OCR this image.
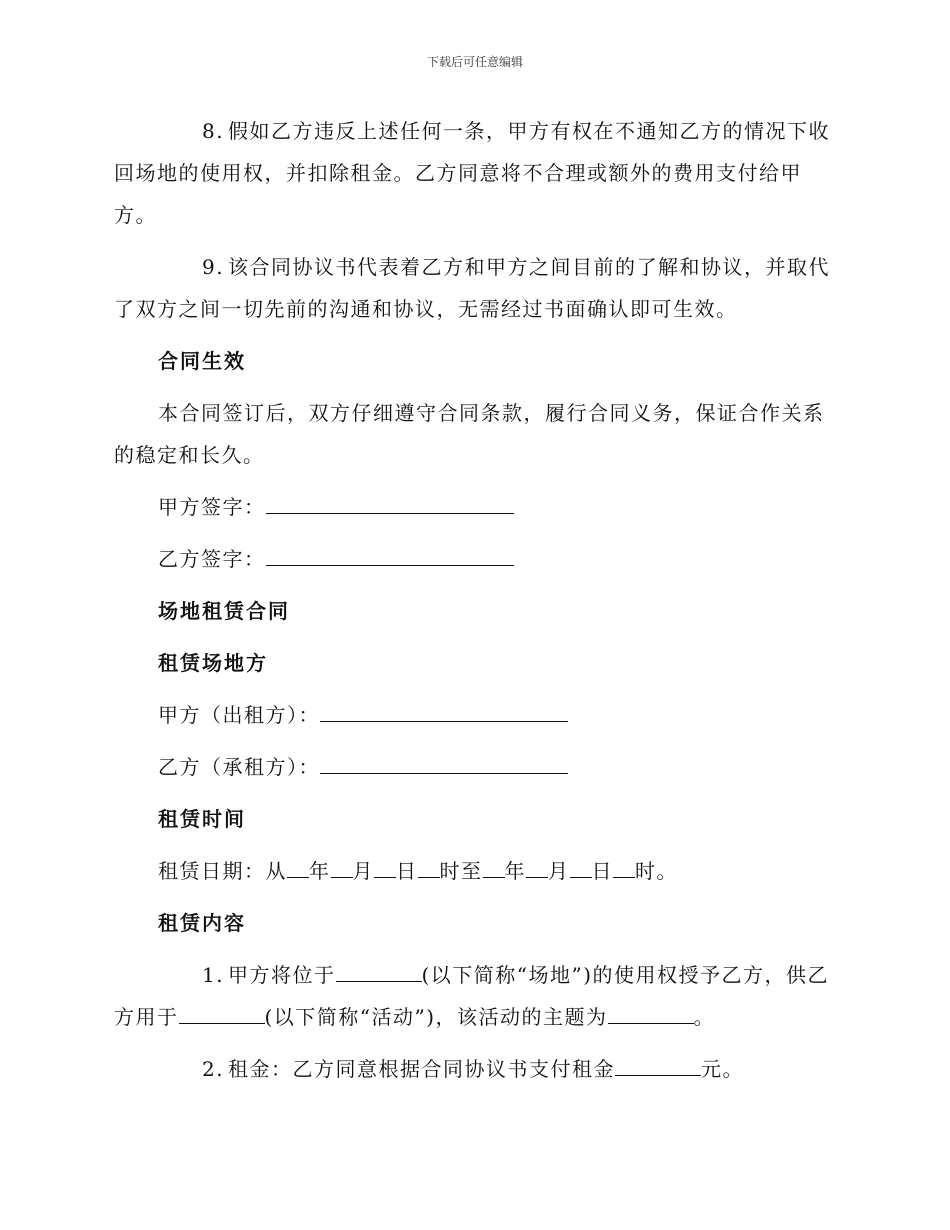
下载后可任意编辑

8. 假如乙方违反上述任何一条，甲方有权在不通知乙方的情况下收回场地的使用权，并扣除租金。乙方同意将不合理或额外的费用支付给甲方。

9. 该合同协议书代表着乙方和甲方之间目前的了解和协议，并取代了双方之间一切先前的沟通和协议，无需经过书面确认即可生效。

合同生效

本合同签订后，双方仔细遵守合同条款，履行合同义务，保证合作关系的稳定和长久。

甲方签字：

乙方签字：

场地租赁合同

租赁场地方

甲方（出租方）：

乙方（承租方）：

租赁时间

租赁日期：从 年 月 日 时至 年 月 日 时。

租赁内容

1. 甲方将位于	(以下简称“场地”)的使用权授予乙方，供乙方用于	(以下简称“活动”)，该活动的主题为	。

2. 租金：乙方同意根据合同协议书支付租金	元。
